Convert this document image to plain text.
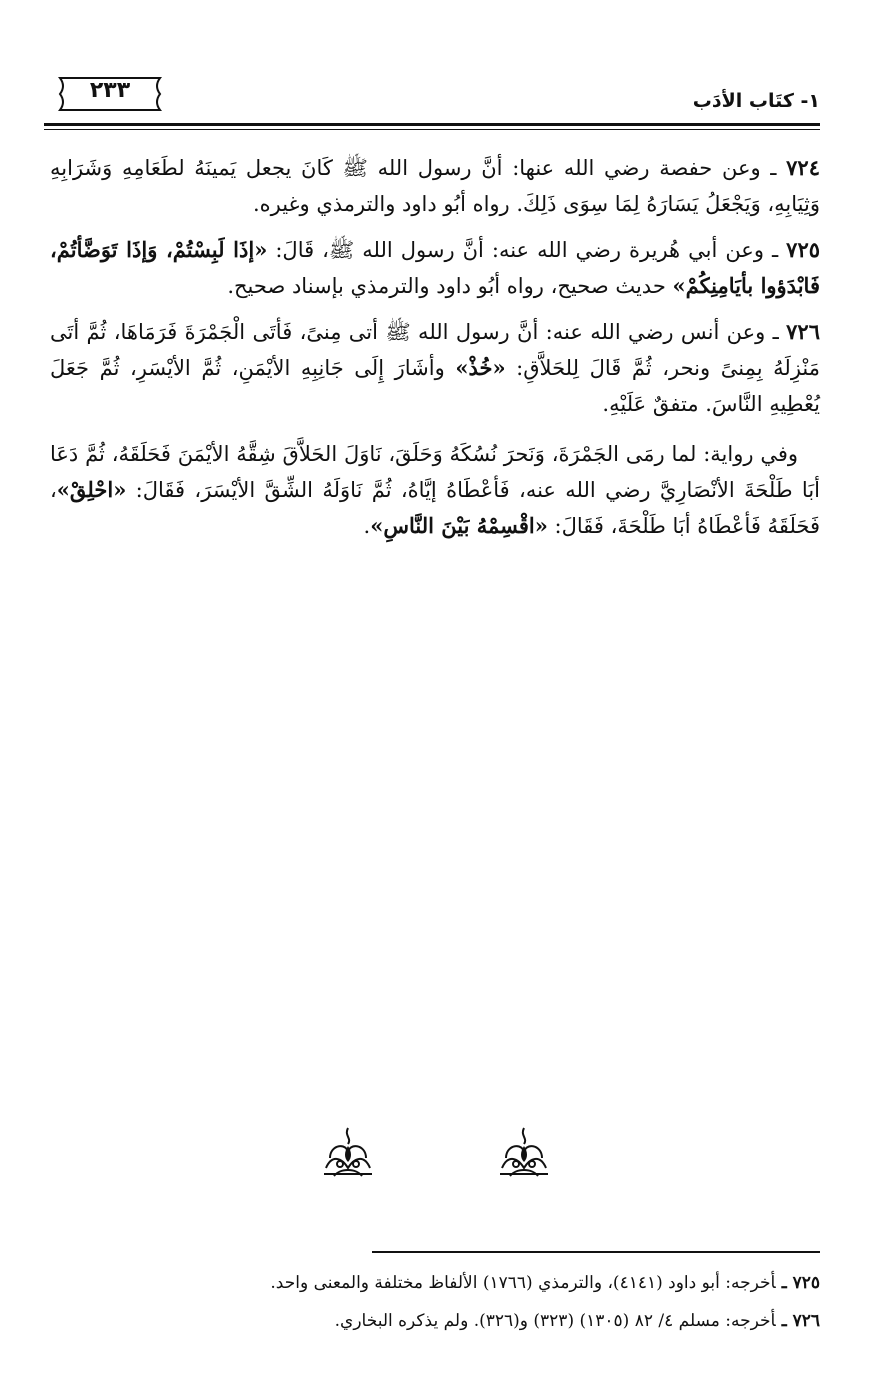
١- كتَاب الأدَب
٢٣٣

٧٢٤ ـ وعن حفصة رضي الله عنها: أنَّ رسول الله ﷺ كَانَ يجعل يَمينَهُ لطَعَامِهِ وَشَرَابِهِ وَثِيَابِهِ، وَيَجْعَلُ يَسَارَهُ لِمَا سِوَى ذَلِكَ. رواه أبُو داود والترمذي وغيره.

٧٢٥ ـ وعن أبي هُريرة رضي الله عنه: أنَّ رسول الله ﷺ، قَالَ: «إذَا لَبِسْتُمْ، وَإذَا تَوَضَّأتُمْ، فَابْدَؤوا بأيَامِنِكُمْ» حديث صحيح، رواه أبُو داود والترمذي بإسناد صحيح.

٧٢٦ ـ وعن أنس رضي الله عنه: أنَّ رسول الله ﷺ أتى مِنىً، فَأتَى الْجَمْرَةَ فَرَمَاهَا، ثُمَّ أتَى مَنْزِلَهُ بِمِنىً ونحر، ثُمَّ قَالَ لِلحَلاَّقِ: «خُذْ» وأشَارَ إِلَى جَانِبِهِ الأيْمَنِ، ثُمَّ الأيْسَرِ، ثُمَّ جَعَلَ يُعْطِيهِ النَّاسَ. متفقٌ عَلَيْهِ.

وفي رواية: لما رمَى الجَمْرَةَ، وَنَحرَ نُسُكَهُ وَحَلَقَ، نَاوَلَ الحَلاَّقَ شِقَّهُ الأيْمَنَ فَحَلَقَهُ، ثُمَّ دَعَا أبَا طَلْحَةَ الأنْصَارِيَّ رضي الله عنه، فَأعْطَاهُ إيَّاهُ، ثُمَّ نَاوَلَهُ الشِّقَّ الأيْسَرَ، فَقَالَ: «احْلِقْ»، فَحَلَقَهُ فَأعْطَاهُ أبَا طَلْحَةَ، فَقَالَ: «اقْسِمْهُ بَيْنَ النَّاسِ».

٧٢٥ ـأخرجه: أبو داود (٤١٤١)، والترمذي (١٧٦٦) الألفاظ مختلفة والمعنى واحد.

٧٢٦ ـأخرجه: مسلم ٤/ ٨٢ (١٣٠٥) (٣٢٣) و(٣٢٦). ولم يذكره البخاري.
